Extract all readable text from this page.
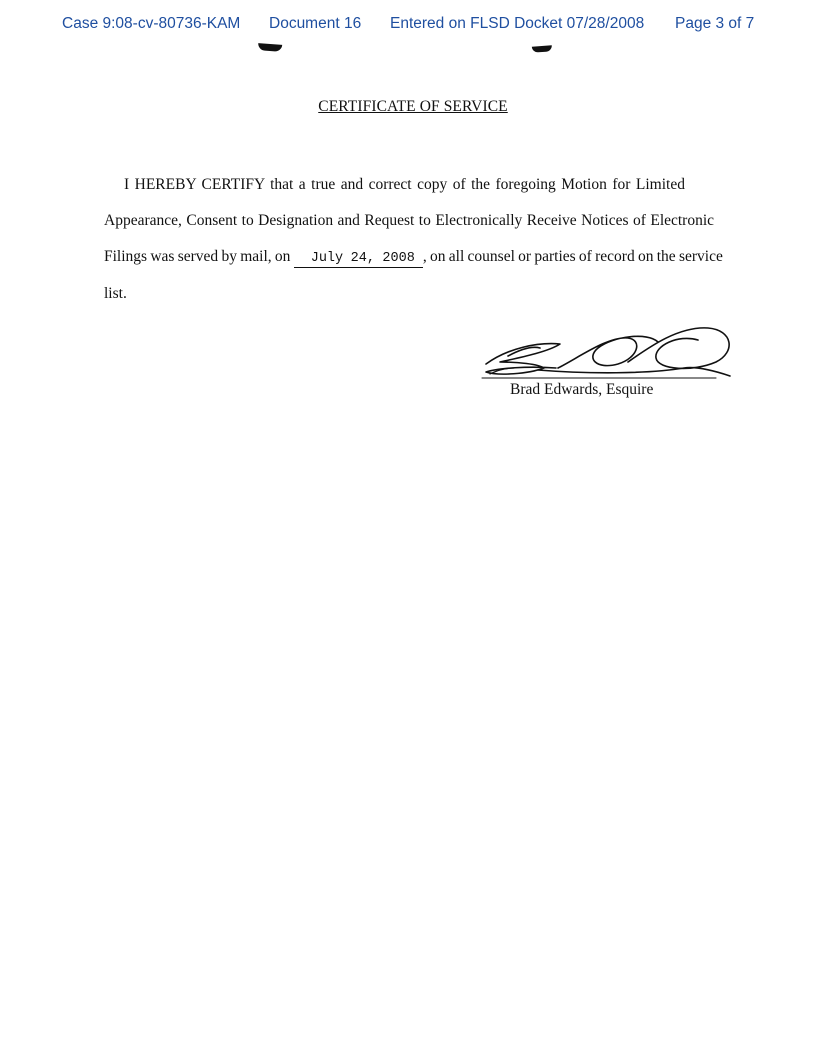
Case 9:08-cv-80736-KAM Document 16 Entered on FLSD Docket 07/28/2008 Page 3 of 7
CERTIFICATE OF SERVICE
I HEREBY CERTIFY that a true and correct copy of the foregoing Motion for Limited
Appearance, Consent to Designation and Request to Electronically Receive Notices of Electronic
Filings was served by mail, on July 24, 2008 , on all counsel or parties of record on the service
list.
Brad Edwards, Esquire
